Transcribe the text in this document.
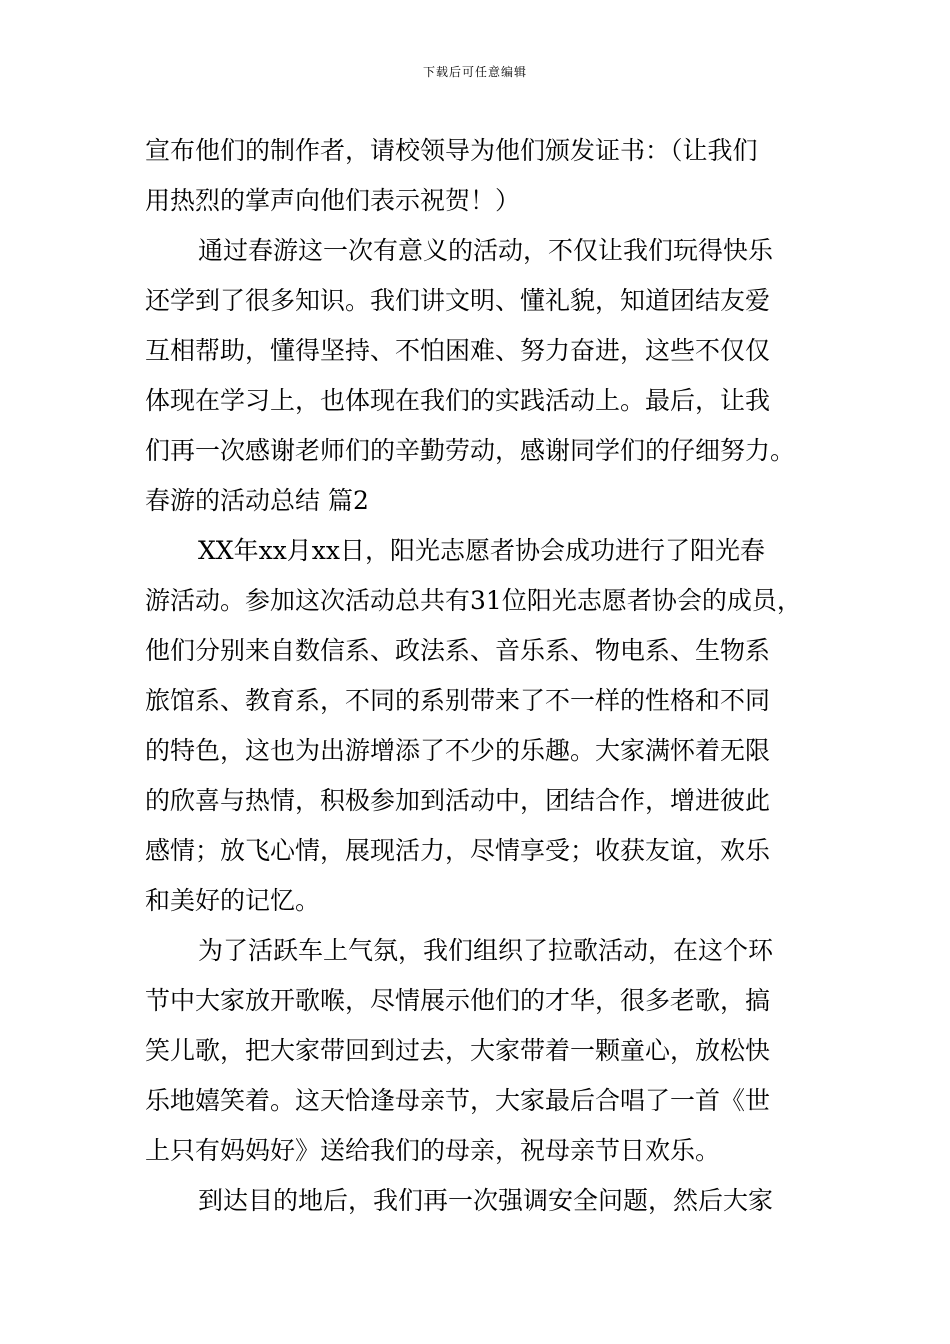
下载后可任意编辑
宣布他们的制作者，请校领导为他们颁发证书：（让我们
用热烈的掌声向他们表示祝贺！）
通过春游这一次有意义的活动，不仅让我们玩得快乐
还学到了很多知识。我们讲文明、懂礼貌，知道团结友爱
互相帮助，懂得坚持、不怕困难、努力奋进，这些不仅仅
体现在学习上，也体现在我们的实践活动上。最后，让我
们再一次感谢老师们的辛勤劳动，感谢同学们的仔细努力。
春游的活动总结 篇2
XX年xx月xx日，阳光志愿者协会成功进行了阳光春
游活动。参加这次活动总共有31位阳光志愿者协会的成员，
他们分别来自数信系、政法系、音乐系、物电系、生物系
旅馆系、教育系，不同的系别带来了不一样的性格和不同
的特色，这也为出游增添了不少的乐趣。大家满怀着无限
的欣喜与热情，积极参加到活动中，团结合作，增进彼此
感情；放飞心情，展现活力，尽情享受；收获友谊，欢乐
和美好的记忆。
为了活跃车上气氛，我们组织了拉歌活动，在这个环
节中大家放开歌喉，尽情展示他们的才华，很多老歌，搞
笑儿歌，把大家带回到过去，大家带着一颗童心，放松快
乐地嬉笑着。这天恰逢母亲节，大家最后合唱了一首《世
上只有妈妈好》送给我们的母亲，祝母亲节日欢乐。
到达目的地后，我们再一次强调安全问题，然后大家
